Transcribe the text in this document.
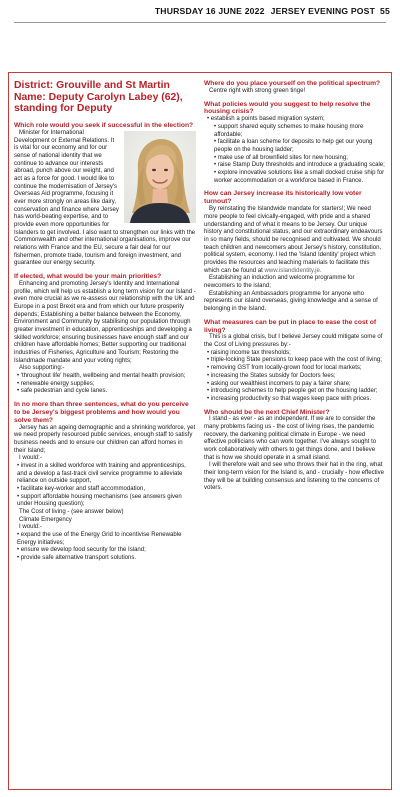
THURSDAY 16 JUNE 2022 JERSEY EVENING POST 55
District: Grouville and St Martin
Name: Deputy Carolyn Labey (62), standing for Deputy

Which role would you seek if successful in the election?

Minister for International Development or External Relations. It is vital for our economy and for our sense of national identity that we continue to advance our interests abroad, punch above our weight, and act as a force for good. I would like to continue the modernisation of Jersey's Overseas Aid programme, focusing it ever more strongly on areas like dairy, conservation and finance where Jersey has world-beating expertise, and to provide even more opportunities for Islanders to get involved. I also want to strengthen our links with the Commonwealth and other international organisations, improve our relations with France and the EU, secure a fair deal for our fishermen, promote trade, tourism and foreign investment, and guarantee our energy security.

If elected, what would be your main priorities?

Enhancing and promoting Jersey's Identity and International profile, which will help us establish a long term vision for our Island - even more crucial as we re-assess our relationship with the UK and Europe in a post Brexit era and from which our future prosperity depends; Establishing a better balance between the Economy, Environment and Community by stabilising our population through greater investment in education, apprenticeships and developing a skilled workforce; ensuring businesses have enough staff and our children have affordable homes; Better supporting our traditional industries of Fisheries, Agriculture and Tourism; Restoring the Islandmade mandate and your voting rights;

Also supporting:-

• 'throughout life' health, wellbeing and mental health provision;

• renewable energy supplies;

• safe pedestrian and cycle lanes.

In no more than three sentences, what do you perceive to be Jersey's biggest problems and how would you solve them?

Jersey has an ageing demographic and a shrinking workforce, yet we need properly resourced public services, enough staff to satisfy business needs and to ensure our children can afford homes in their Island;

I would:-

• invest in a skilled workforce with training and apprenticeships, and a develop a fast-track civil service programme to alleviate reliance on outside support,

• facilitate key-worker and staff accommodation,

• support affordable housing mechanisms (see answers given under Housing question);

The Cost of living - (see answer below)

Climate Emergency

I would:-

• expand the use of the Energy Grid to incentivise Renewable Energy initiatives;

• ensure we develop food security for the Island;

• provide safe alternative transport solutions.

Where do you place yourself on the political spectrum?

Centre right with strong green tinge!

What policies would you suggest to help resolve the housing crisis?

• establish a points based migration system;

• support shared equity schemes to make housing more affordable;

• facilitate a loan scheme for deposits to help get our young people on the housing ladder;

• make use of all brownfield sites for new housing;

• raise Stamp Duty thresholds and introduce a graduating scale;

• explore innovative solutions like a small docked cruise ship for worker accommodation or a workforce based in France.

How can Jersey increase its historically low voter turnout?

By reinstating the Islandwide mandate for starters!; We need more people to feel civically-engaged, with pride and a shared understanding and of what it means to be Jersey. Our unique history and constitutional status, and our extraordinary endeavours in so many fields, should be recognised and cultivated. We should teach children and newcomers about Jersey's history, constitution, political system, economy. I led the 'Island Identity' project which provides the resources and teaching materials to facilitate this which can be found at www.islandidentity.je.

Establishing an induction and welcome programme for newcomers to the island;

Establishing an Ambassadors programme for anyone who represents our island overseas, giving knowledge and a sense of belonging in the Island.

What measures can be put in place to ease the cost of living?

This is a global crisis, but I believe Jersey could mitigate some of the Cost of Living pressures by:-

• raising income tax thresholds;

• triple-locking State pensions to keep pace with the cost of living;

• removing GST from locally-grown food for local markets;

• increasing the States subsidy for Doctors fees;

• asking our wealthiest incomers to pay a fairer share;

• introducing schemes to help people get on the housing ladder;

• increasing productivity so that wages keep pace with prices.

Who should be the next Chief Minister?

I stand - as ever - as an independent. If we are to consider the many problems facing us - the cost of living rises, the pandemic recovery, the darkening political climate in Europe - we need effective politicians who can work together. I've always sought to work collaboratively with others to get things done, and I believe that is how we should operate in a small island.

I will therefore wait and see who throws their hat in the ring, what their long-term vision for the Island is, and - crucially - how effective they will be at building consensus and listening to the concerns of voters.
